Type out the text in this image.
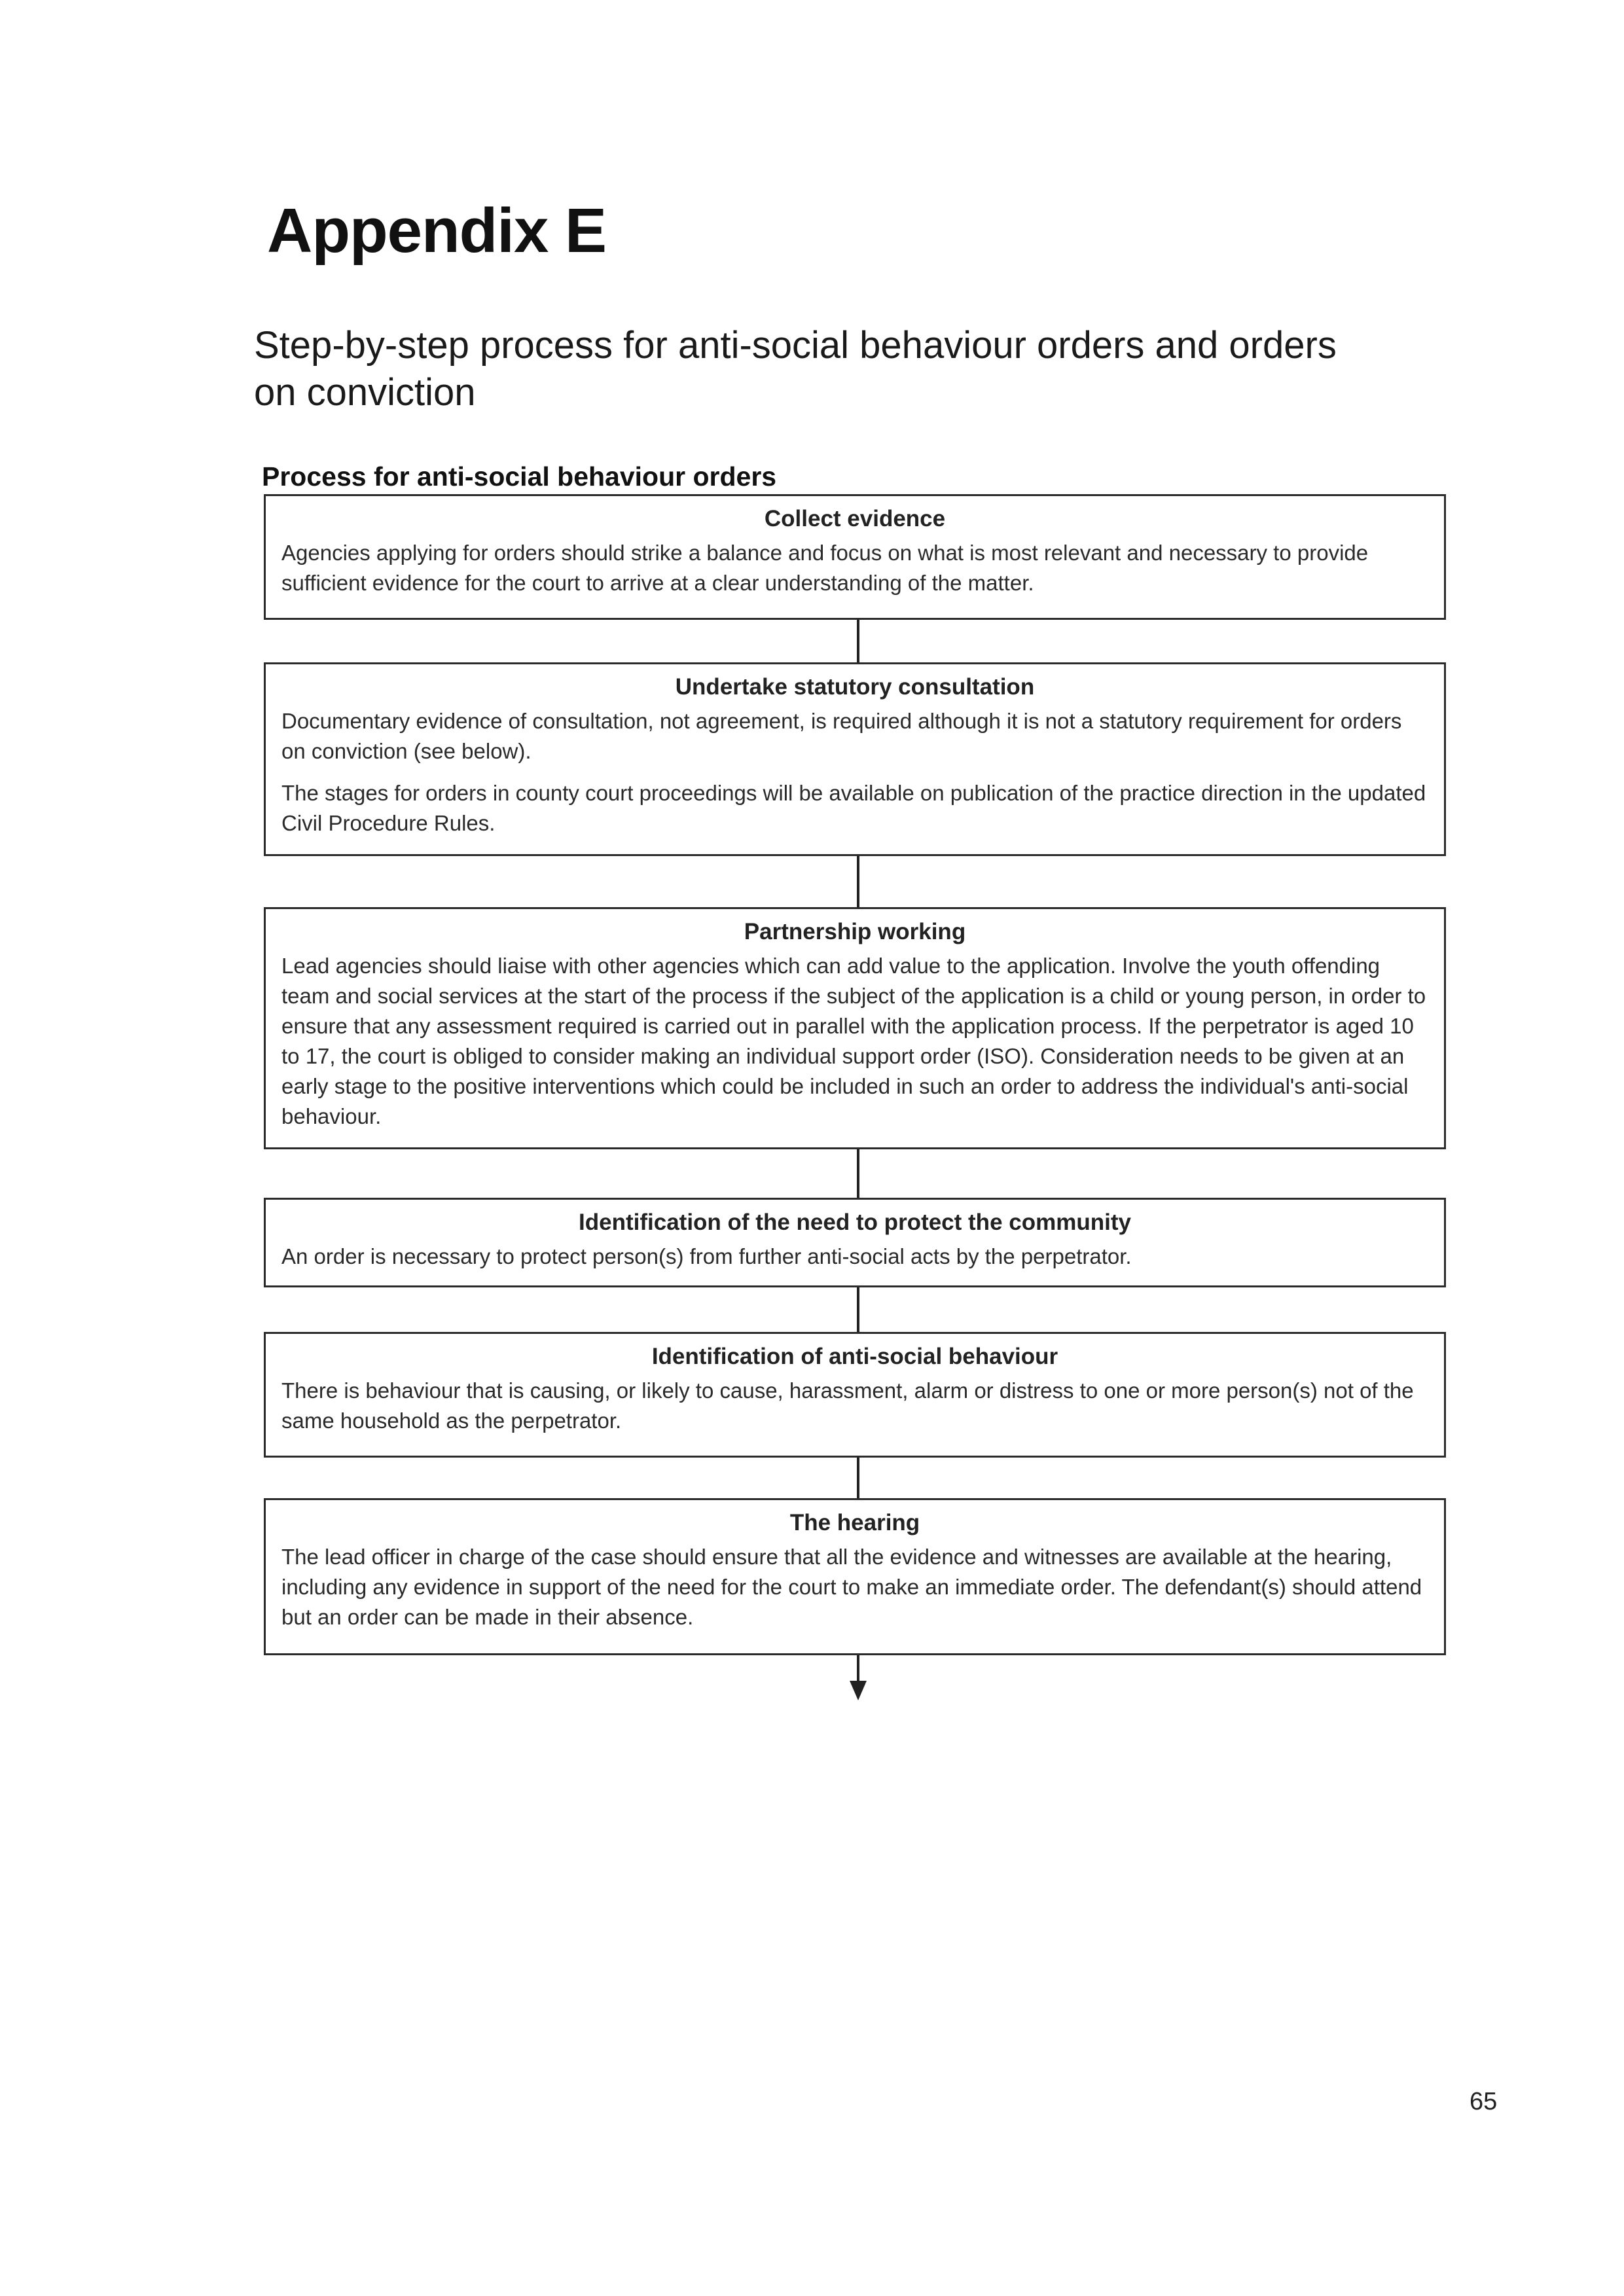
Appendix E
Step-by-step process for anti-social behaviour orders and orders on conviction
Process for anti-social behaviour orders
Collect evidence

Agencies applying for orders should strike a balance and focus on what is most relevant and necessary to provide sufficient evidence for the court to arrive at a clear understanding of the matter.

Undertake statutory consultation

Documentary evidence of consultation, not agreement, is required although it is not a statutory requirement for orders on conviction (see below).

The stages for orders in county court proceedings will be available on publication of the practice direction in the updated Civil Procedure Rules.

Partnership working

Lead agencies should liaise with other agencies which can add value to the application. Involve the youth offending team and social services at the start of the process if the subject of the application is a child or young person, in order to ensure that any assessment required is carried out in parallel with the application process. If the perpetrator is aged 10 to 17, the court is obliged to consider making an individual support order (ISO). Consideration needs to be given at an early stage to the positive interventions which could be included in such an order to address the individual's anti-social behaviour.

Identification of the need to protect the community

An order is necessary to protect person(s) from further anti-social acts by the perpetrator.

Identification of anti-social behaviour

There is behaviour that is causing, or likely to cause, harassment, alarm or distress to one or more person(s) not of the same household as the perpetrator.

The hearing

The lead officer in charge of the case should ensure that all the evidence and witnesses are available at the hearing, including any evidence in support of the need for the court to make an immediate order. The defendant(s) should attend but an order can be made in their absence.

65
